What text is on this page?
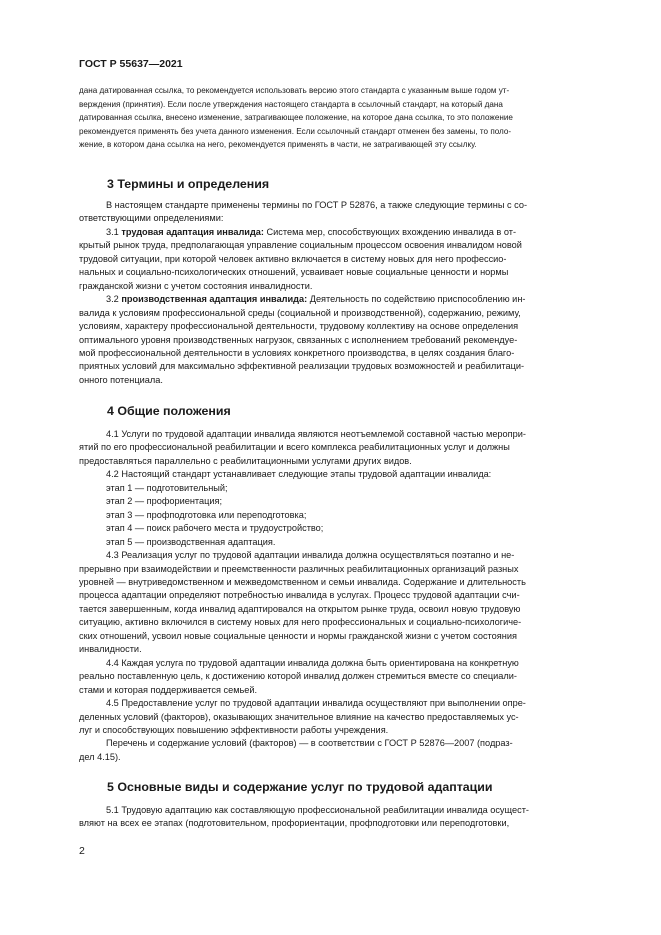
ГОСТ Р 55637—2021

дана датированная ссылка, то рекомендуется использовать версию этого стандарта с указанным выше годом ут-

верждения (принятия). Если после утверждения настоящего стандарта в ссылочный стандарт, на который дана

датированная ссылка, внесено изменение, затрагивающее положение, на которое дана ссылка, то это положение

рекомендуется применять без учета данного изменения. Если ссылочный стандарт отменен без замены, то поло-

жение, в котором дана ссылка на него, рекомендуется применять в части, не затрагивающей эту ссылку.

3 Термины и определения

В настоящем стандарте применены термины по ГОСТ Р 52876, а также следующие термины с со-

ответствующими определениями:

3.1 трудовая адаптация инвалида: Система мер, способствующих вхождению инвалида в от-

крытый рынок труда, предполагающая управление социальным процессом освоения инвалидом новой

трудовой ситуации, при которой человек активно включается в систему новых для него профессио-

нальных и социально-психологических отношений, усваивает новые социальные ценности и нормы

гражданской жизни с учетом состояния инвалидности.

3.2 производственная адаптация инвалида: Деятельность по содействию приспособлению ин-

валида к условиям профессиональной среды (социальной и производственной), содержанию, режиму,

условиям, характеру профессиональной деятельности, трудовому коллективу на основе определения

оптимального уровня производственных нагрузок, связанных с исполнением требований рекомендуе-

мой профессиональной деятельности в условиях конкретного производства, в целях создания благо-

приятных условий для максимально эффективной реализации трудовых возможностей и реабилитаци-

онного потенциала.

4 Общие положения

4.1 Услуги по трудовой адаптации инвалида являются неотъемлемой составной частью меропри-

ятий по его профессиональной реабилитации и всего комплекса реабилитационных услуг и должны

предоставляться параллельно с реабилитационными услугами других видов.

4.2 Настоящий стандарт устанавливает следующие этапы трудовой адаптации инвалида:

этап 1 — подготовительный;

этап 2 — профориентация;

этап 3 — профподготовка или переподготовка;

этап 4 — поиск рабочего места и трудоустройство;

этап 5 — производственная адаптация.

4.3 Реализация услуг по трудовой адаптации инвалида должна осуществляться поэтапно и не-

прерывно при взаимодействии и преемственности различных реабилитационных организаций разных

уровней — внутриведомственном и межведомственном и семьи инвалида. Содержание и длительность

процесса адаптации определяют потребностью инвалида в услугах. Процесс трудовой адаптации счи-

тается завершенным, когда инвалид адаптировался на открытом рынке труда, освоил новую трудовую

ситуацию, активно включился в систему новых для него профессиональных и социально-психологиче-

ских отношений, усвоил новые социальные ценности и нормы гражданской жизни с учетом состояния

инвалидности.

4.4 Каждая услуга по трудовой адаптации инвалида должна быть ориентирована на конкретную

реально поставленную цель, к достижению которой инвалид должен стремиться вместе со специали-

стами и которая поддерживается семьей.

4.5 Предоставление услуг по трудовой адаптации инвалида осуществляют при выполнении опре-

деленных условий (факторов), оказывающих значительное влияние на качество предоставляемых ус-

луг и способствующих повышению эффективности работы учреждения.

Перечень и содержание условий (факторов) — в соответствии с ГОСТ Р 52876—2007 (подраз-

дел 4.15).

5 Основные виды и содержание услуг по трудовой адаптации

5.1 Трудовую адаптацию как составляющую профессиональной реабилитации инвалида осущест-

вляют на всех ее этапах (подготовительном, профориентации, профподготовки или переподготовки,

2
